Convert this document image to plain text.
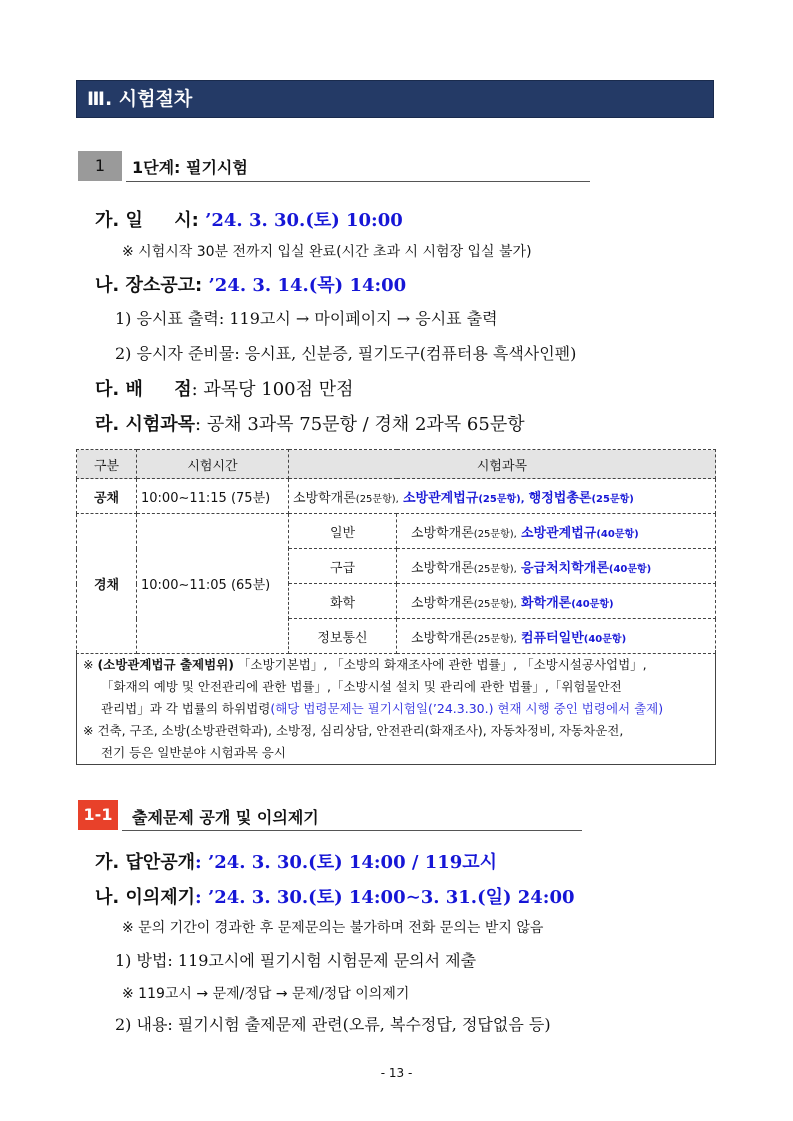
Ⅲ. 시험절차
1	1단계: 필기시험
가. 일     시: ’24. 3. 30.(토) 10:00
※ 시험시작 30분 전까지 입실 완료(시간 초과 시 시험장 입실 불가)
나. 장소공고: ’24. 3. 14.(목) 14:00
1) 응시표 출력: 119고시 → 마이페이지 → 응시표 출력
2) 응시자 준비물: 응시표, 신분증, 필기도구(컴퓨터용 흑색사인펜)
다. 배     점: 과목당 100점 만점
라. 시험과목: 공채 3과목 75문항 / 경채 2과목 65문항
구분	시험시간	시험과목	
공채	10:00∼11:15 (75분)	소방학개론(25문항), 소방관계법규(25문항), 행정법총론(25문항)	
경채	10:00∼11:05 (65분)	일반	소방학개론(25문항), 소방관계법규(40문항)
		구급	소방학개론(25문항), 응급처치학개론(40문항)
		화학	소방학개론(25문항), 화학개론(40문항)
		정보통신	소방학개론(25문항), 컴퓨터일반(40문항)

※ (소방관계법규 출제범위) 「소방기본법」, 「소방의 화재조사에 관한 법률」, 「소방시설공사업법」,

「화재의 예방 및 안전관리에 관한 법률」,「소방시설 설치 및 관리에 관한 법률」,「위험물안전

관리법」과 각 법률의 하위법령(해당 법령문제는 필기시험일(’24.3.30.) 현재 시행 중인 법령에서 출제)

※ 건축, 구조, 소방(소방관련학과), 소방정, 심리상담, 안전관리(화재조사), 자동차정비, 자동차운전,

전기 등은 일반분야 시험과목 응시

1-1	출제문제 공개 및 이의제기
가. 답안공개: ’24. 3. 30.(토) 14:00 / 119고시
나. 이의제기: ’24. 3. 30.(토) 14:00∼3. 31.(일) 24:00
※ 문의 기간이 경과한 후 문제문의는 불가하며 전화 문의는 받지 않음
1) 방법: 119고시에 필기시험 시험문제 문의서 제출
※ 119고시 → 문제/정답 → 문제/정답 이의제기
2) 내용: 필기시험 출제문제 관련(오류, 복수정답, 정답없음 등)
- 13 -
